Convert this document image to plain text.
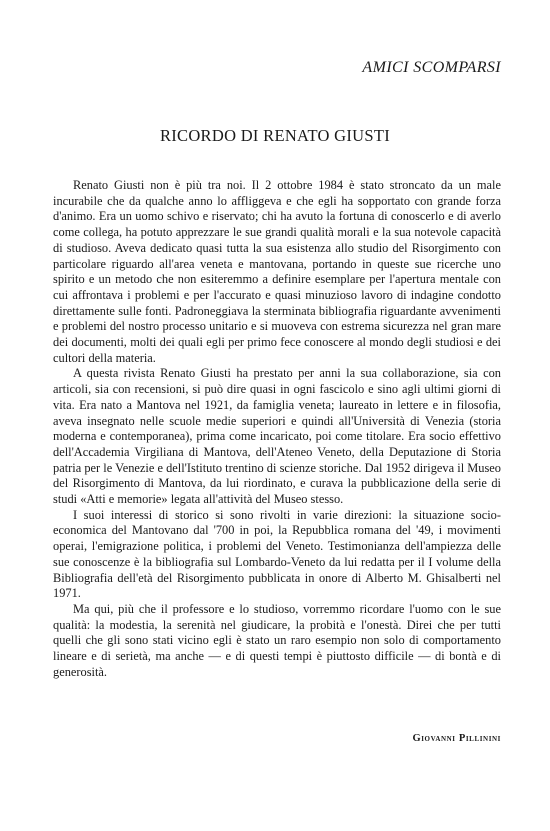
AMICI SCOMPARSI
RICORDO DI RENATO GIUSTI

Renato Giusti non è più tra noi. Il 2 ottobre 1984 è stato stroncato da un male incurabile che da qualche anno lo affliggeva e che egli ha sopportato con grande forza d'animo. Era un uomo schivo e riservato; chi ha avuto la fortuna di conoscerlo e di averlo come collega, ha potuto apprezzare le sue grandi qualità morali e la sua notevole capacità di studioso. Aveva dedicato quasi tutta la sua esistenza allo studio del Risorgimento con particolare riguardo all'area veneta e mantovana, portando in queste sue ricerche uno spirito e un metodo che non esiteremmo a definire esemplare per l'apertura mentale con cui affrontava i problemi e per l'accurato e quasi minuzioso lavoro di indagine condotto direttamente sulle fonti. Padroneggiava la sterminata bibliografia riguardante avvenimenti e problemi del nostro processo unitario e si muoveva con estrema sicurezza nel gran mare dei documenti, molti dei quali egli per primo fece conoscere al mondo degli studiosi e dei cultori della materia.

A questa rivista Renato Giusti ha prestato per anni la sua collaborazione, sia con articoli, sia con recensioni, si può dire quasi in ogni fascicolo e sino agli ultimi giorni di vita. Era nato a Mantova nel 1921, da famiglia veneta; laureato in lettere e in filosofia, aveva insegnato nelle scuole medie superiori e quindi all'Università di Venezia (storia moderna e contemporanea), prima come incaricato, poi come titolare. Era socio effettivo dell'Accademia Virgiliana di Mantova, dell'Ateneo Veneto, della Deputazione di Storia patria per le Venezie e dell'Istituto trentino di scienze storiche. Dal 1952 dirigeva il Museo del Risorgimento di Mantova, da lui riordinato, e curava la pubblicazione della serie di studi «Atti e memorie» legata all'attività del Museo stesso.

I suoi interessi di storico si sono rivolti in varie direzioni: la situazione socio-economica del Mantovano dal '700 in poi, la Repubblica romana del '49, i movimenti operai, l'emigrazione politica, i problemi del Veneto. Testimonianza dell'ampiezza delle sue conoscenze è la bibliografia sul Lombardo-Veneto da lui redatta per il I volume della Bibliografia dell'età del Risorgimento pubblicata in onore di Alberto M. Ghisalberti nel 1971.

Ma qui, più che il professore e lo studioso, vorremmo ricordare l'uomo con le sue qualità: la modestia, la serenità nel giudicare, la probità e l'onestà. Direi che per tutti quelli che gli sono stati vicino egli è stato un raro esempio non solo di comportamento lineare e di serietà, ma anche — e di questi tempi è piuttosto difficile — di bontà e di generosità.

Giovanni Pillinini
